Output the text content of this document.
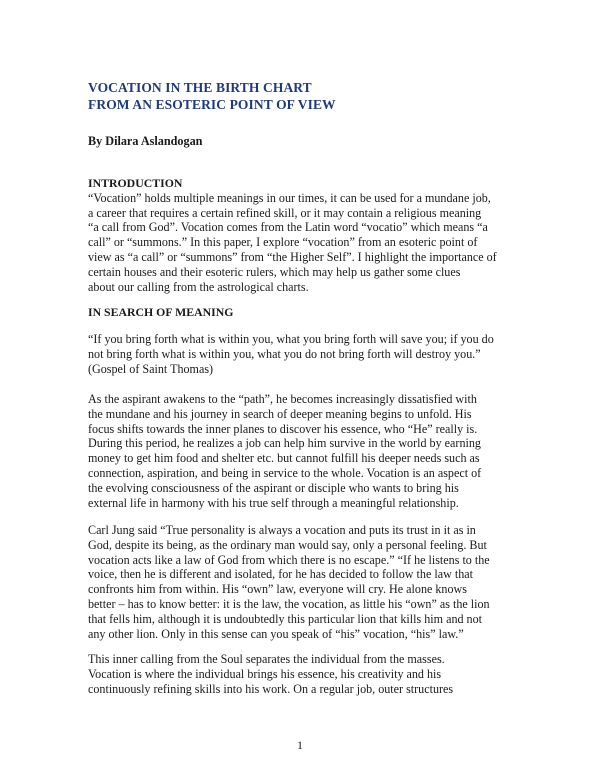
VOCATION IN THE BIRTH CHART
FROM AN ESOTERIC POINT OF VIEW
By Dilara Aslandogan
INTRODUCTION
“Vocation” holds multiple meanings in our times, it can be used for a mundane job,
a career that requires a certain refined skill, or it may contain a religious meaning
“a call from God”. Vocation comes from the Latin word “vocatio” which means “a
call” or “summons.” In this paper, I explore “vocation” from an esoteric point of
view as “a call” or “summons” from “the Higher Self”. I highlight the importance of
certain houses and their esoteric rulers, which may help us gather some clues
about our calling from the astrological charts.
IN SEARCH OF MEANING
“If you bring forth what is within you, what you bring forth will save you; if you do
not bring forth what is within you, what you do not bring forth will destroy you.”
(Gospel of Saint Thomas)
As the aspirant awakens to the “path”, he becomes increasingly dissatisfied with
the mundane and his journey in search of deeper meaning begins to unfold. His
focus shifts towards the inner planes to discover his essence, who “He” really is.
During this period, he realizes a job can help him survive in the world by earning
money to get him food and shelter etc. but cannot fulfill his deeper needs such as
connection, aspiration, and being in service to the whole. Vocation is an aspect of
the evolving consciousness of the aspirant or disciple who wants to bring his
external life in harmony with his true self through a meaningful relationship.
Carl Jung said “True personality is always a vocation and puts its trust in it as in
God, despite its being, as the ordinary man would say, only a personal feeling. But
vocation acts like a law of God from which there is no escape.” “If he listens to the
voice, then he is different and isolated, for he has decided to follow the law that
confronts him from within. His “own” law, everyone will cry. He alone knows
better – has to know better: it is the law, the vocation, as little his “own” as the lion
that fells him, although it is undoubtedly this particular lion that kills him and not
any other lion. Only in this sense can you speak of “his” vocation, “his” law.”
This inner calling from the Soul separates the individual from the masses.
Vocation is where the individual brings his essence, his creativity and his
continuously refining skills into his work. On a regular job, outer structures
1
